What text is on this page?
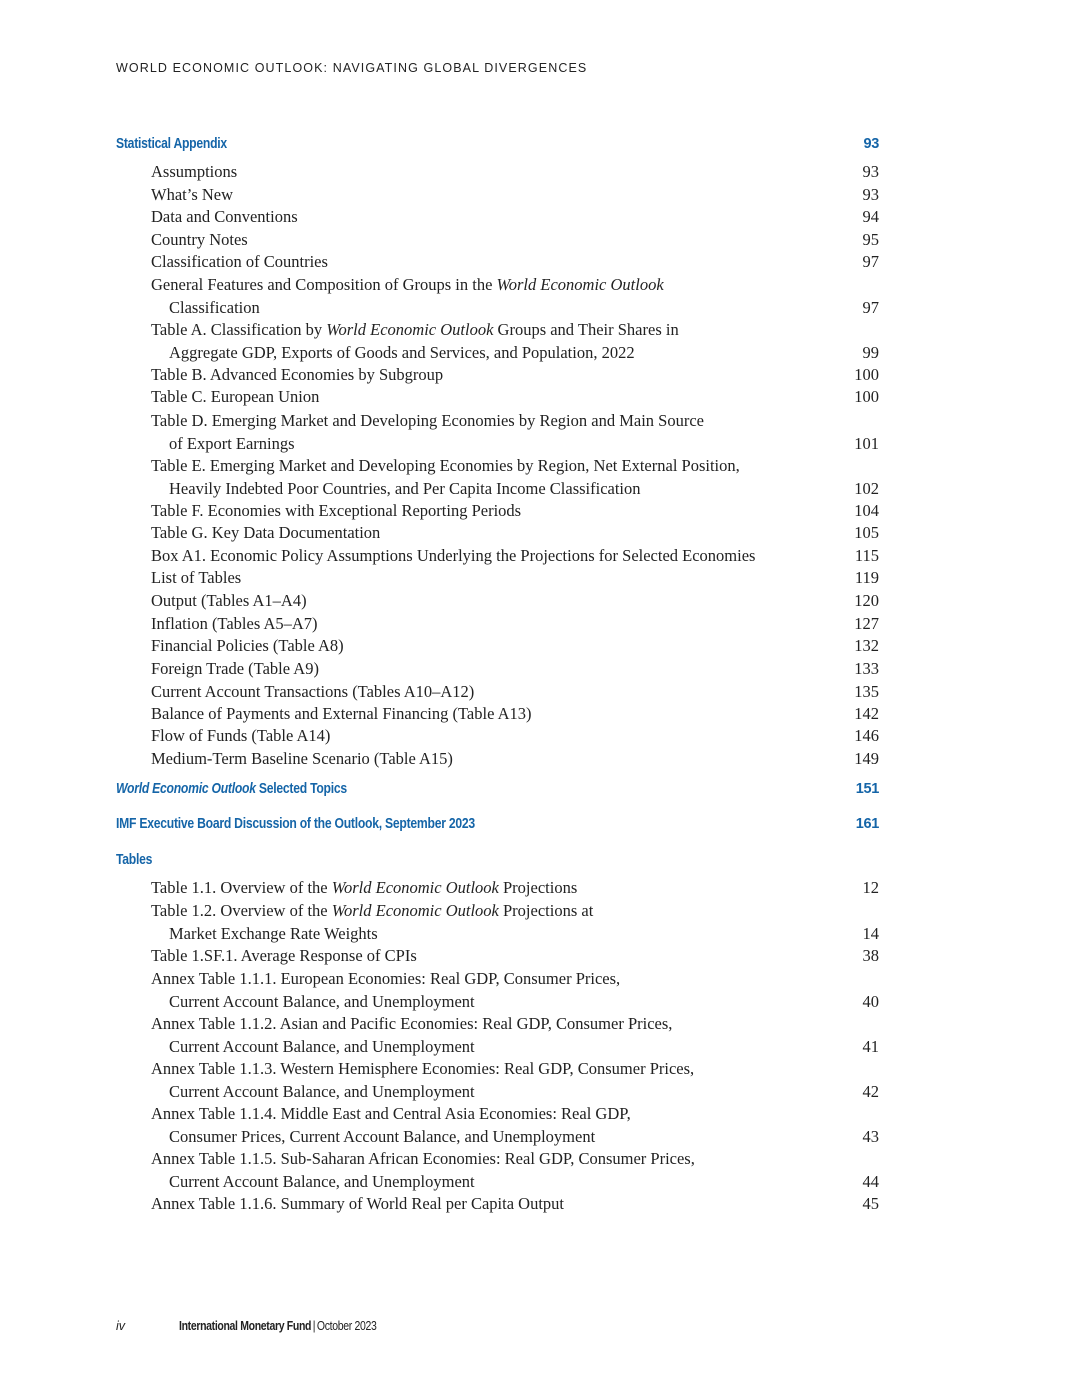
WORLD ECONOMIC OUTLOOK: NAVIGATING GLOBAL DIVERGENCES
Statistical Appendix	93
Assumptions	93
What’s New	93
Data and Conventions	94
Country Notes	95
Classification of Countries	97
General Features and Composition of Groups in the World Economic Outlook
Classification	97
Table A. Classification by World Economic Outlook Groups and Their Shares in
Aggregate GDP, Exports of Goods and Services, and Population, 2022	99
Table B. Advanced Economies by Subgroup	100
Table C. European Union	100
Table D. Emerging Market and Developing Economies by Region and Main Source
of Export Earnings	101
Table E. Emerging Market and Developing Economies by Region, Net External Position,
Heavily Indebted Poor Countries, and Per Capita Income Classification	102
Table F. Economies with Exceptional Reporting Periods	104
Table G. Key Data Documentation	105
Box A1. Economic Policy Assumptions Underlying the Projections for Selected Economies	115
List of Tables	119
Output (Tables A1–A4)	120
Inflation (Tables A5–A7)	127
Financial Policies (Table A8)	132
Foreign Trade (Table A9)	133
Current Account Transactions (Tables A10–A12)	135
Balance of Payments and External Financing (Table A13)	142
Flow of Funds (Table A14)	146
Medium-Term Baseline Scenario (Table A15)	149
World Economic Outlook Selected Topics	151
IMF Executive Board Discussion of the Outlook, September 2023	161
Tables
Table 1.1. Overview of the World Economic Outlook Projections	12
Table 1.2. Overview of the World Economic Outlook Projections at
Market Exchange Rate Weights	14
Table 1.SF.1. Average Response of CPIs	38
Annex Table 1.1.1. European Economies: Real GDP, Consumer Prices,
Current Account Balance, and Unemployment	40
Annex Table 1.1.2. Asian and Pacific Economies: Real GDP, Consumer Prices,
Current Account Balance, and Unemployment	41
Annex Table 1.1.3. Western Hemisphere Economies: Real GDP, Consumer Prices,
Current Account Balance, and Unemployment	42
Annex Table 1.1.4. Middle East and Central Asia Economies: Real GDP,
Consumer Prices, Current Account Balance, and Unemployment	43
Annex Table 1.1.5. Sub-Saharan African Economies: Real GDP, Consumer Prices,
Current Account Balance, and Unemployment	44
Annex Table 1.1.6. Summary of World Real per Capita Output	45
iv	International Monetary Fund | October 2023
